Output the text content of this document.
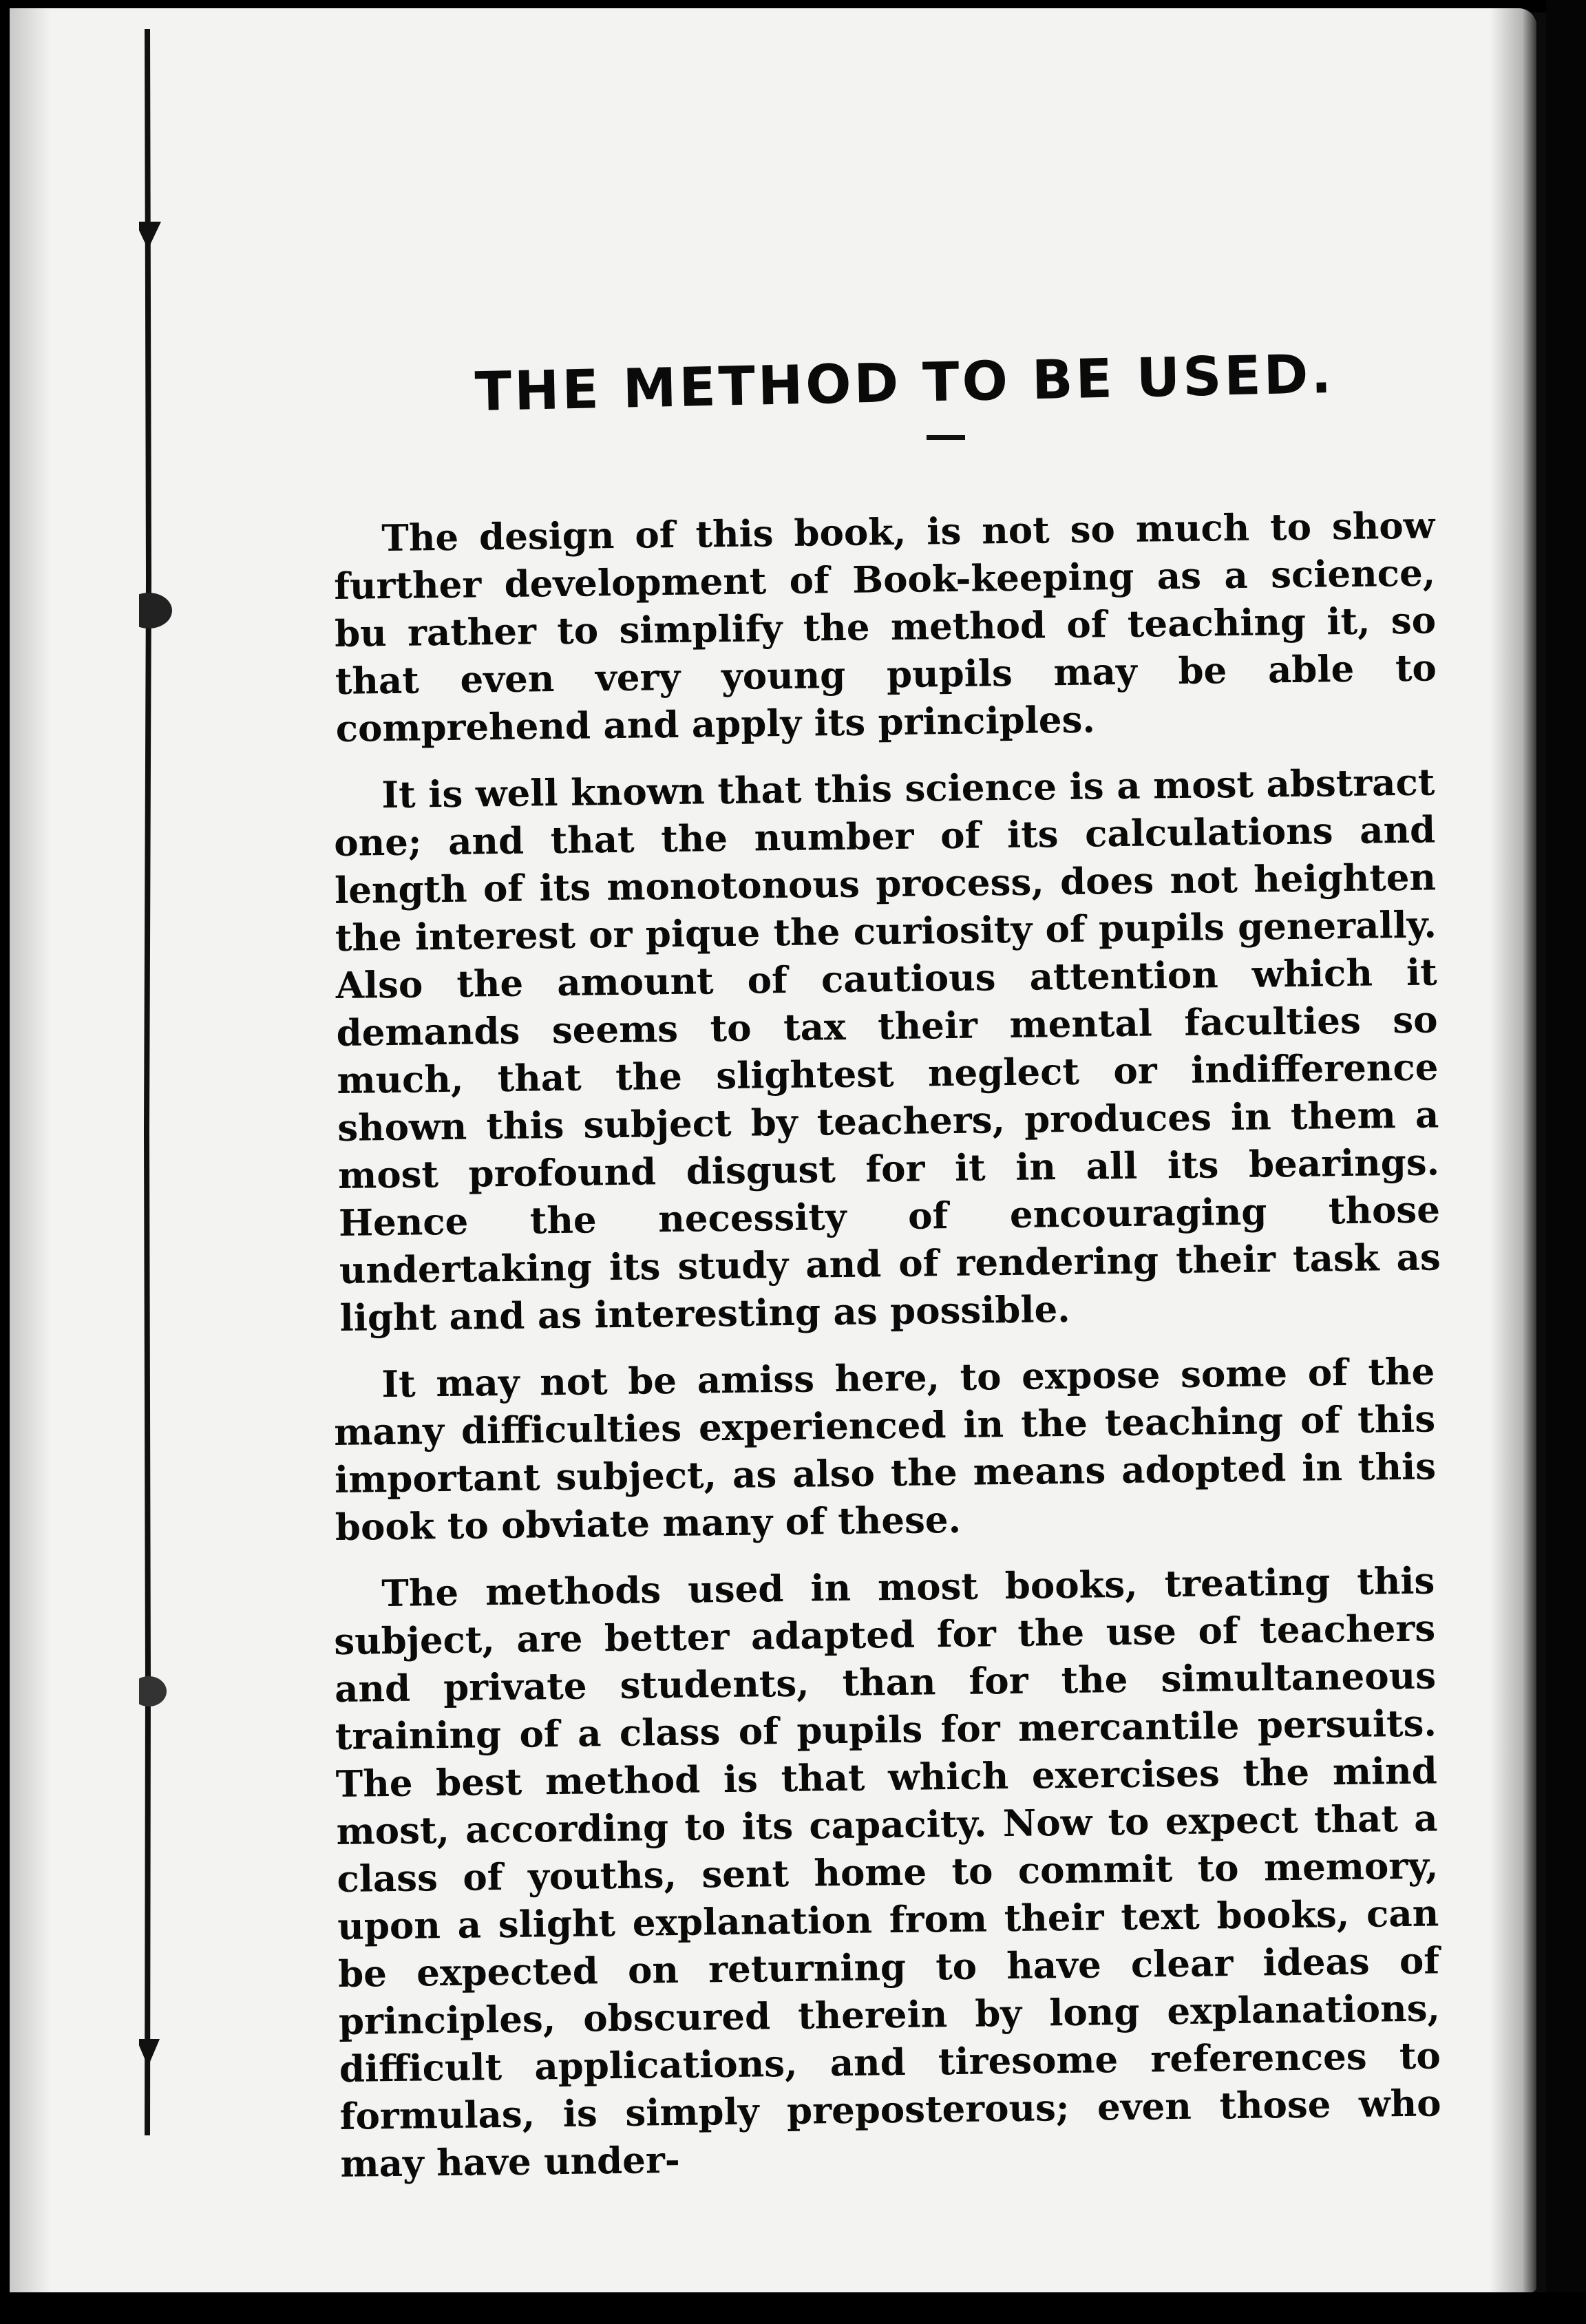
THE METHOD TO BE USED.

The design of this book, is not so much to show further development of Book-keeping as a science, bu rather to simplify the method of teaching it, so that even very young pupils may be able to comprehend and apply its principles.

It is well known that this science is a most abstract one; and that the number of its calculations and length of its monotonous process, does not heighten the interest or pique the curiosity of pupils generally. Also the amount of cautious attention which it demands seems to tax their mental faculties so much, that the slightest neglect or indifference shown this subject by teachers, produces in them a most profound disgust for it in all its bearings. Hence the necessity of encouraging those undertaking its study and of rendering their task as light and as interesting as possible.

It may not be amiss here, to expose some of the many difficulties experienced in the teaching of this important subject, as also the means adopted in this book to obviate many of these.

The methods used in most books, treating this subject, are better adapted for the use of teachers and private students, than for the simultaneous training of a class of pupils for mercantile persuits. The best method is that which exercises the mind most, according to its capacity. Now to expect that a class of youths, sent home to commit to memory, upon a slight explanation from their text books, can be expected on returning to have clear ideas of principles, obscured therein by long explanations, difficult applications, and tiresome references to formulas, is simply preposterous; even those who may have under-
